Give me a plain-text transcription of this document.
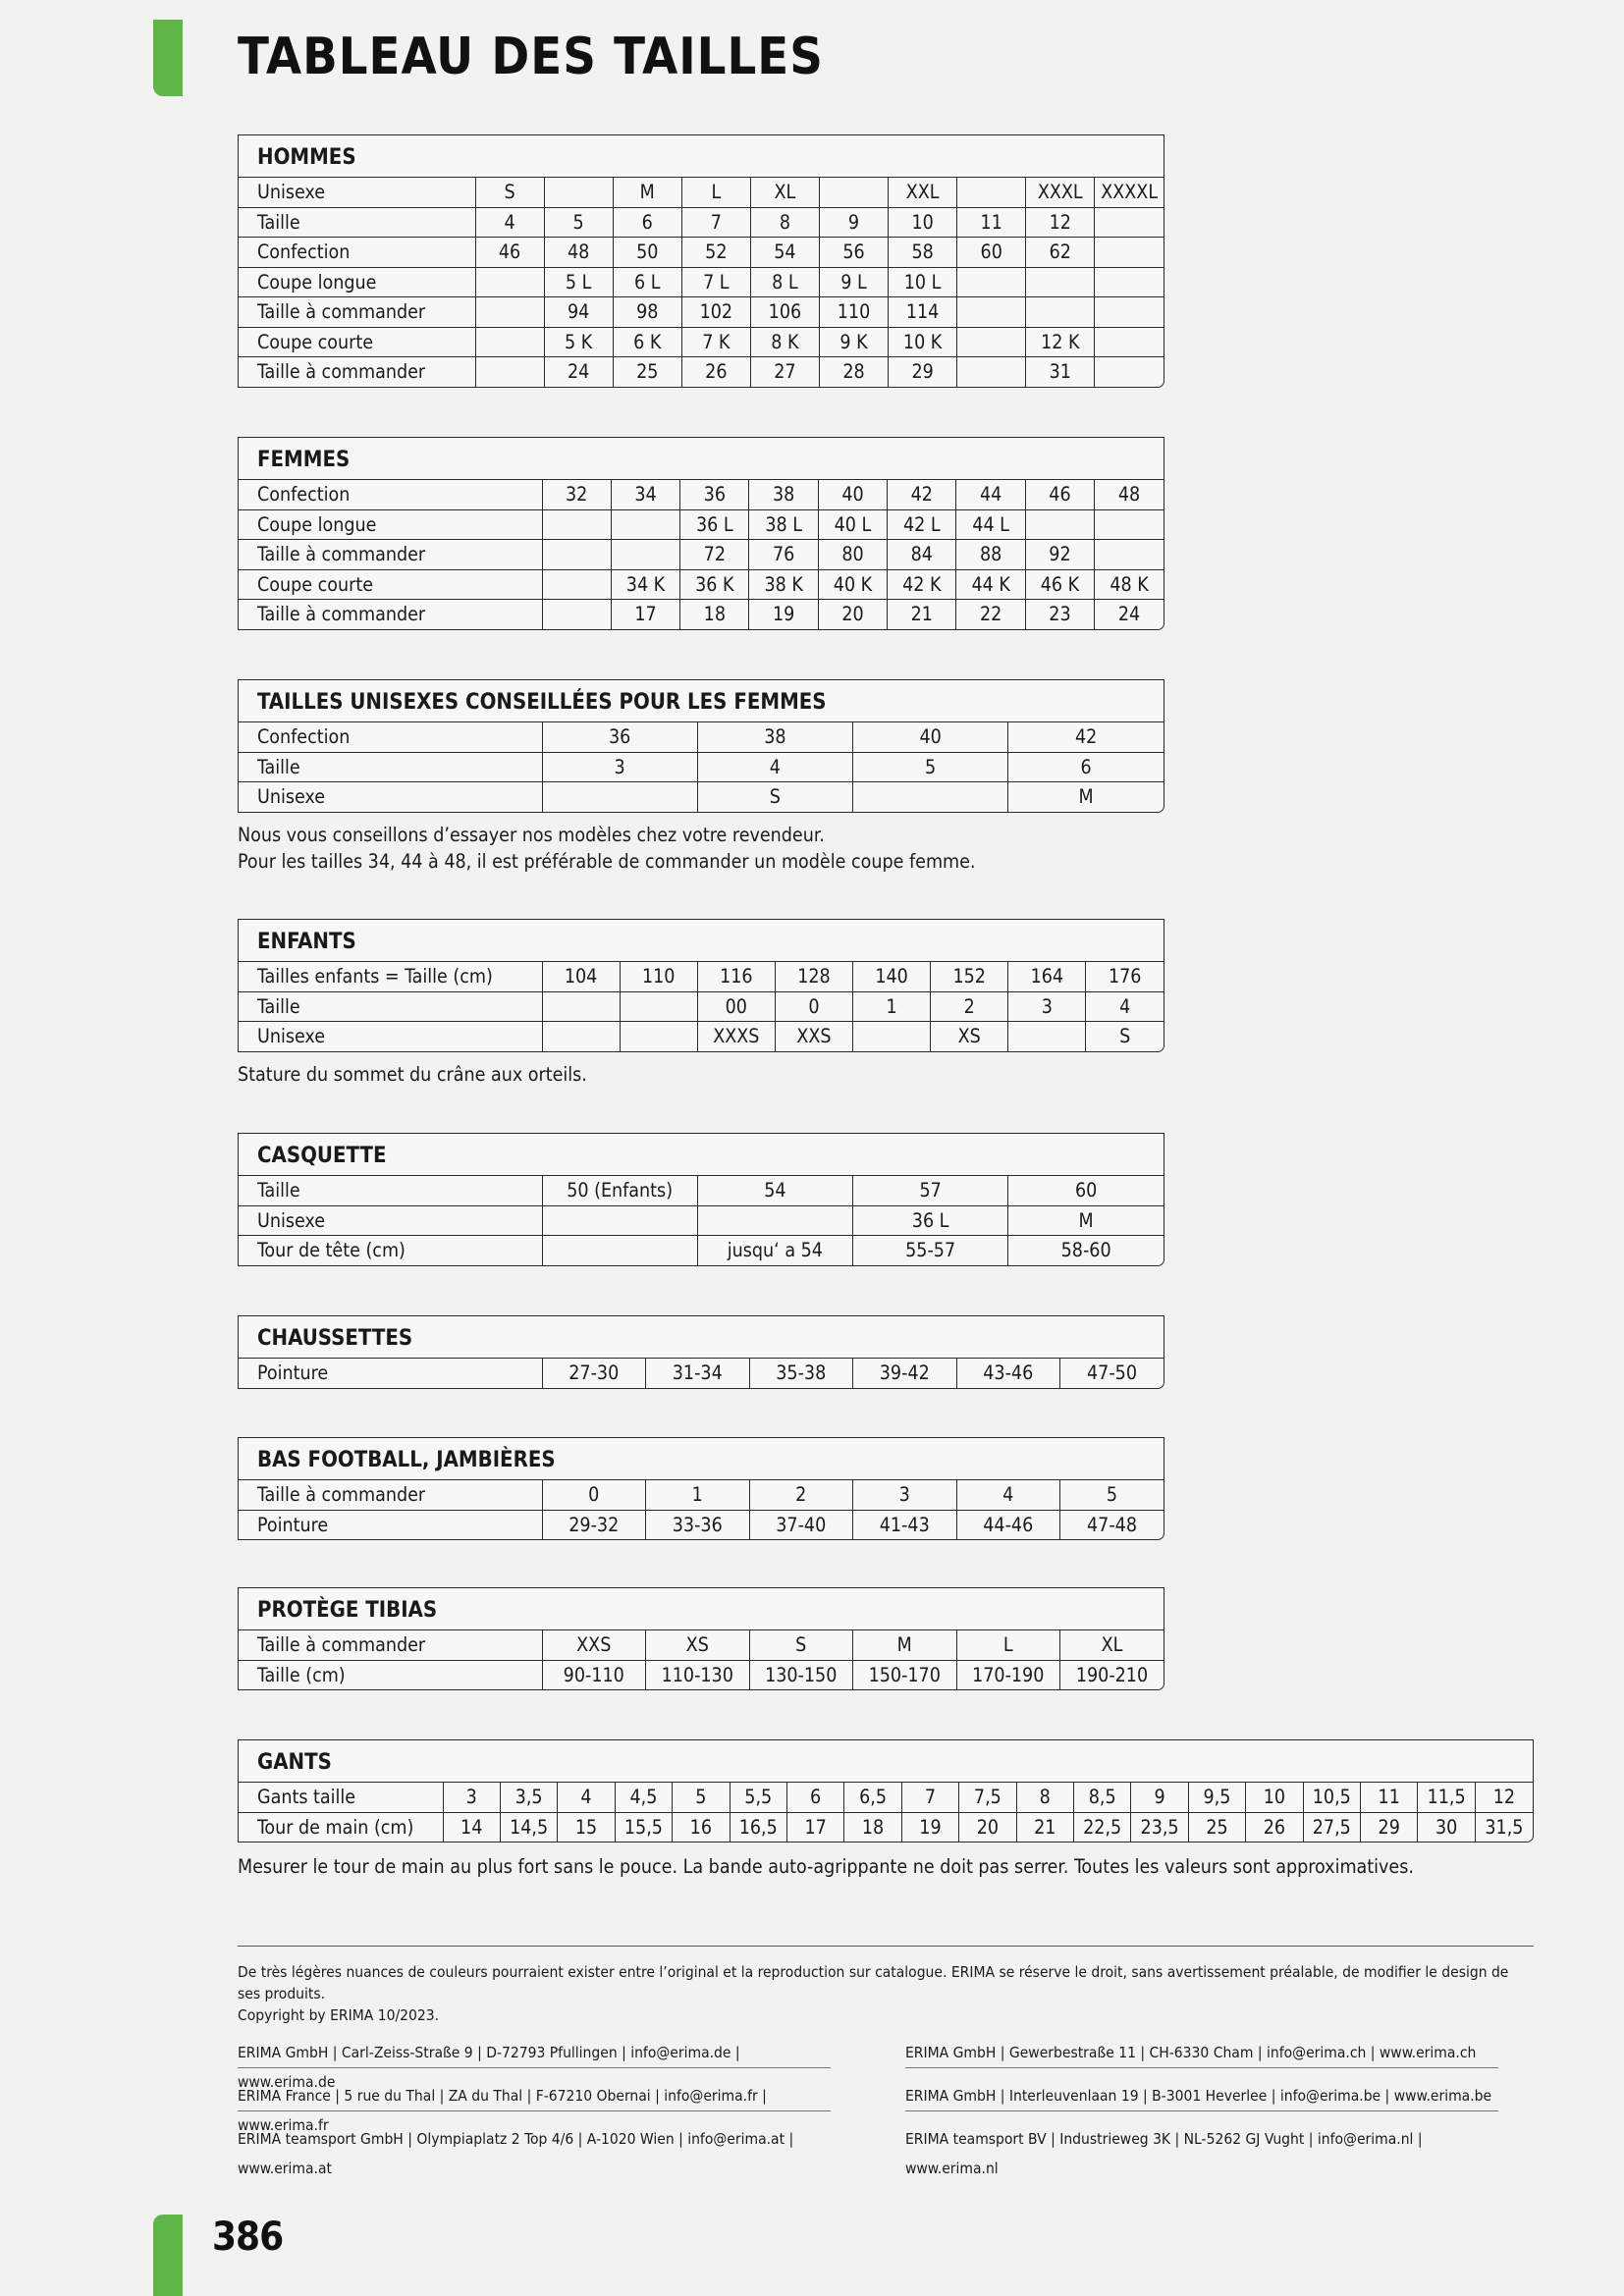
TABLEAU DES TAILLES
HOMMES
Unisexe	S		M	L	XL		XXL		XXXL	XXXXL
Taille	4	5	6	7	8	9	10	11	12	
Confection	46	48	50	52	54	56	58	60	62	
Coupe longue		5 L	6 L	7 L	8 L	9 L	10 L			
Taille à commander		94	98	102	106	110	114			
Coupe courte		5 K	6 K	7 K	8 K	9 K	10 K		12 K	
Taille à commander		24	25	26	27	28	29		31	
FEMMES
Confection	32	34	36	38	40	42	44	46	48
Coupe longue			36 L	38 L	40 L	42 L	44 L		
Taille à commander			72	76	80	84	88	92	
Coupe courte		34 K	36 K	38 K	40 K	42 K	44 K	46 K	48 K
Taille à commander		17	18	19	20	21	22	23	24
TAILLES UNISEXES CONSEILLÉES POUR LES FEMMES
Confection	36	38	40	42
Taille	3	4	5	6
Unisexe		S		M

Nous vous conseillons d’essayer nos modèles chez votre revendeur.

Pour les tailles 34, 44 à 48, il est préférable de commander un modèle coupe femme.

ENFANTS
Tailles enfants = Taille (cm)	104	110	116	128	140	152	164	176
Taille			00	0	1	2	3	4
Unisexe			XXXS	XXS		XS		S

Stature du sommet du crâne aux orteils.

CASQUETTE
Taille	50 (Enfants)	54	57	60
Unisexe			36 L	M
Tour de tête (cm)		jusqu‘ a 54	55-57	58-60
CHAUSSETTES
Pointure	27-30	31-34	35-38	39-42	43-46	47-50
BAS FOOTBALL, JAMBIÈRES
Taille à commander	0	1	2	3	4	5
Pointure	29-32	33-36	37-40	41-43	44-46	47-48
PROTÈGE TIBIAS
Taille à commander	XXS	XS	S	M	L	XL
Taille (cm)	90-110	110-130	130-150	150-170	170-190	190-210
GANTS
Gants taille	3	3,5	4	4,5	5	5,5	6	6,5	7	7,5	8	8,5	9	9,5	10	10,5	11	11,5	12
Tour de main (cm)	14	14,5	15	15,5	16	16,5	17	18	19	20	21	22,5	23,5	25	26	27,5	29	30	31,5

Mesurer le tour de main au plus fort sans le pouce. La bande auto-agrippante ne doit pas serrer. Toutes les valeurs sont approximatives.

De très légères nuances de couleurs pourraient exister entre l’original et la reproduction sur catalogue. ERIMA se réserve le droit, sans avertissement préalable, de modifier le design de ses produits.
Copyright by ERIMA 10/2023.
ERIMA GmbH | Carl-Zeiss-Straße 9 | D-72793 Pfullingen | info@erima.de | www.erima.de
ERIMA France | 5 rue du Thal | ZA du Thal | F-67210 Obernai | info@erima.fr | www.erima.fr
ERIMA teamsport GmbH | Olympiaplatz 2 Top 4/6 | A-1020 Wien | info@erima.at | www.erima.at
ERIMA GmbH | Gewerbestraße 11 | CH-6330 Cham | info@erima.ch | www.erima.ch
ERIMA GmbH | Interleuvenlaan 19 | B-3001 Heverlee | info@erima.be | www.erima.be
ERIMA teamsport BV | Industrieweg 3K | NL-5262 GJ Vught | info@erima.nl | www.erima.nl
386
